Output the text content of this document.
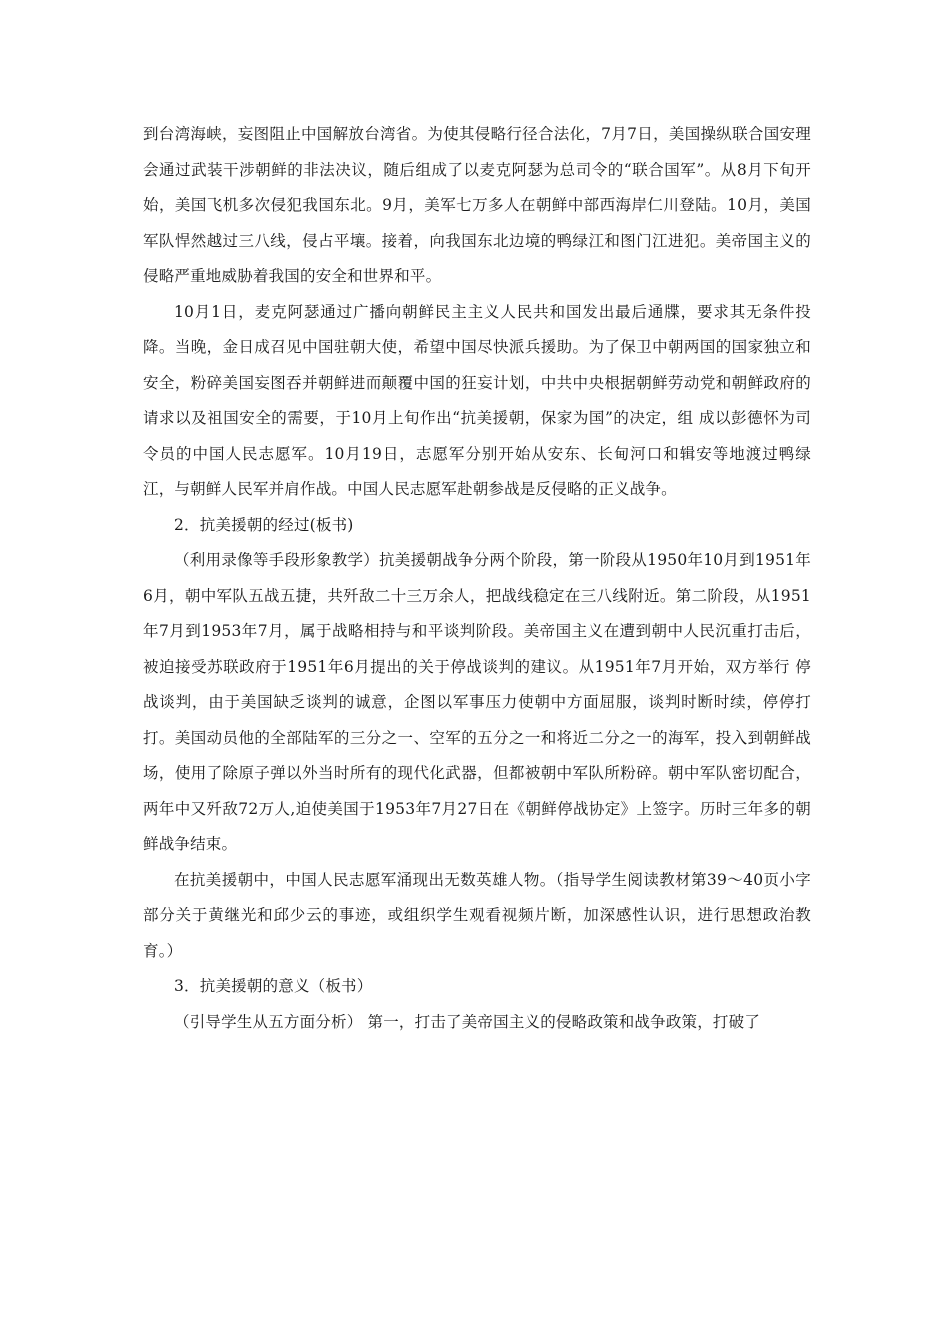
到台湾海峡，妄图阻止中国解放台湾省。为使其侵略行径合法化，7月7日，美国操纵联合国安理会通过武装干涉朝鲜的非法决议，随后组成了以麦克阿瑟为总司令的“联合国军”。从8月下旬开始，美国飞机多次侵犯我国东北。9月，美军七万多人在朝鲜中部西海岸仁川登陆。10月，美国军队悍然越过三八线，侵占平壤。接着，向我国东北边境的鸭绿江和图门江进犯。美帝国主义的侵略严重地威胁着我国的安全和世界和平。

10月1日，麦克阿瑟通过广播向朝鲜民主主义人民共和国发出最后通牒，要求其无条件投降。当晚，金日成召见中国驻朝大使，希望中国尽快派兵援助。为了保卫中朝两国的国家独立和安全，粉碎美国妄图吞并朝鲜进而颠覆中国的狂妄计划，中共中央根据朝鲜劳动党和朝鲜政府的请求以及祖国安全的需要，于10月上旬作出“抗美援朝，保家为国”的决定，组 成以彭德怀为司令员的中国人民志愿军。10月19日，志愿军分别开始从安东、长甸河口和辑安等地渡过鸭绿江，与朝鲜人民军并肩作战。中国人民志愿军赴朝参战是反侵略的正义战争。

2．抗美援朝的经过(板书)

（利用录像等手段形象教学）抗美援朝战争分两个阶段，第一阶段从1950年10月到1951年6月，朝中军队五战五捷，共歼敌二十三万余人，把战线稳定在三八线附近。第二阶段，从1951年7月到1953年7月，属于战略相持与和平谈判阶段。美帝国主义在遭到朝中人民沉重打击后，被迫接受苏联政府于1951年6月提出的关于停战谈判的建议。从1951年7月开始，双方举行 停战谈判，由于美国缺乏谈判的诚意，企图以军事压力使朝中方面屈服，谈判时断时续，停停打打。美国动员他的全部陆军的三分之一、空军的五分之一和将近二分之一的海军，投入到朝鲜战场，使用了除原子弹以外当时所有的现代化武器，但都被朝中军队所粉碎。朝中军队密切配合，两年中又歼敌72万人,迫使美国于1953年7月27日在《朝鲜停战协定》上签字。历时三年多的朝鲜战争结束。

在抗美援朝中，中国人民志愿军涌现出无数英雄人物。（指导学生阅读教材第39～40页小字部分关于黄继光和邱少云的事迹，或组织学生观看视频片断，加深感性认识，进行思想政治教育。）

3．抗美援朝的意义（板书）

（引导学生从五方面分析） 第一，打击了美帝国主义的侵略政策和战争政策，打破了
